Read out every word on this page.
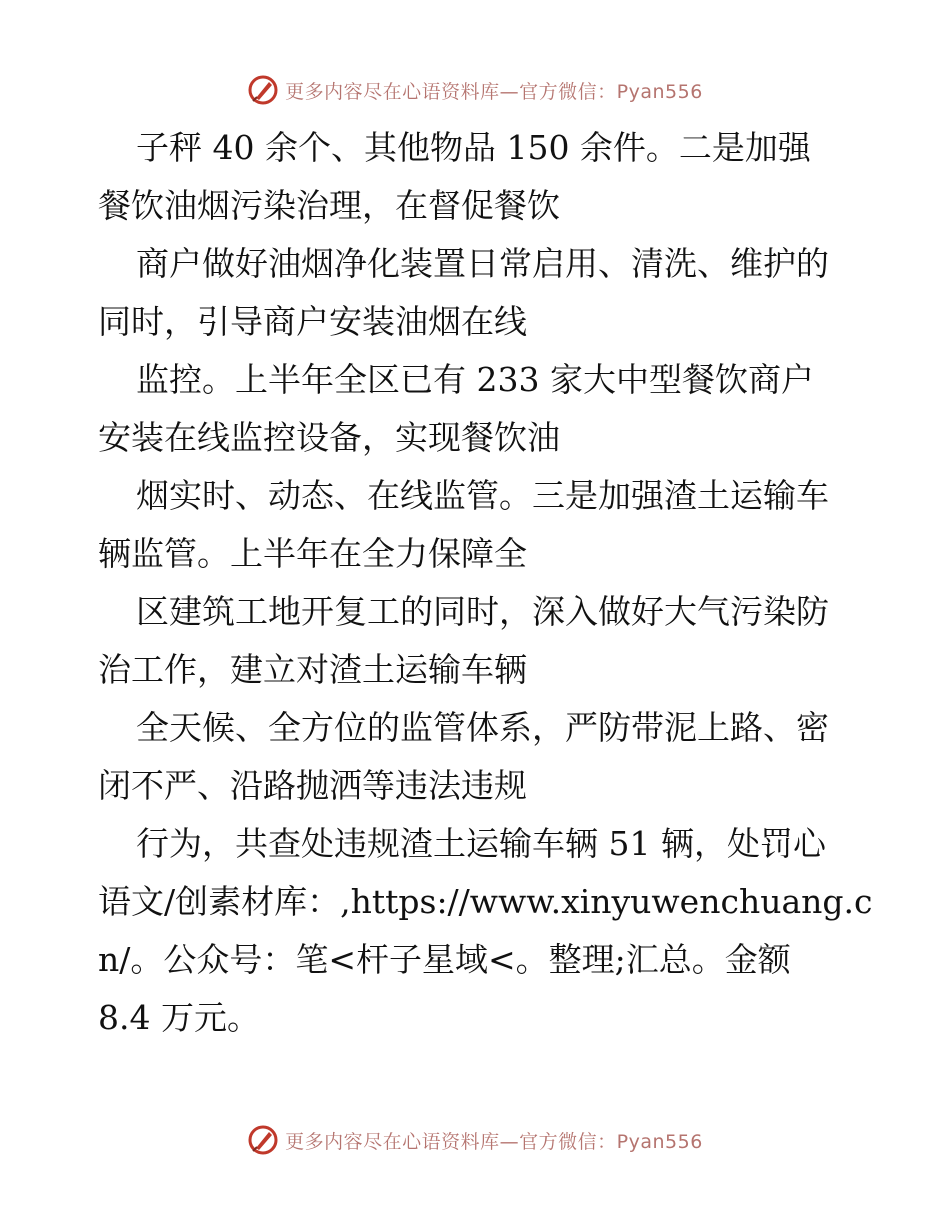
更多内容尽在心语资料库—官方微信：Pyan556
子秤 40 余个、其他物品 150 余件。二是加强
餐饮油烟污染治理，在督促餐饮
商户做好油烟净化装置日常启用、清洗、维护的
同时，引导商户安装油烟在线
监控。上半年全区已有 233 家大中型餐饮商户
安装在线监控设备，实现餐饮油
烟实时、动态、在线监管。三是加强渣土运输车
辆监管。上半年在全力保障全
区建筑工地开复工的同时，深入做好大气污染防
治工作，建立对渣土运输车辆
全天候、全方位的监管体系，严防带泥上路、密
闭不严、沿路抛洒等违法违规
行为，共查处违规渣土运输车辆 51 辆，处罚心
语文/创素材库：,https://www.xinyuwenchuang.c
n/。公众号：笔<杆子星域<。整理;汇总。金额
8.4 万元。
更多内容尽在心语资料库—官方微信：Pyan556
